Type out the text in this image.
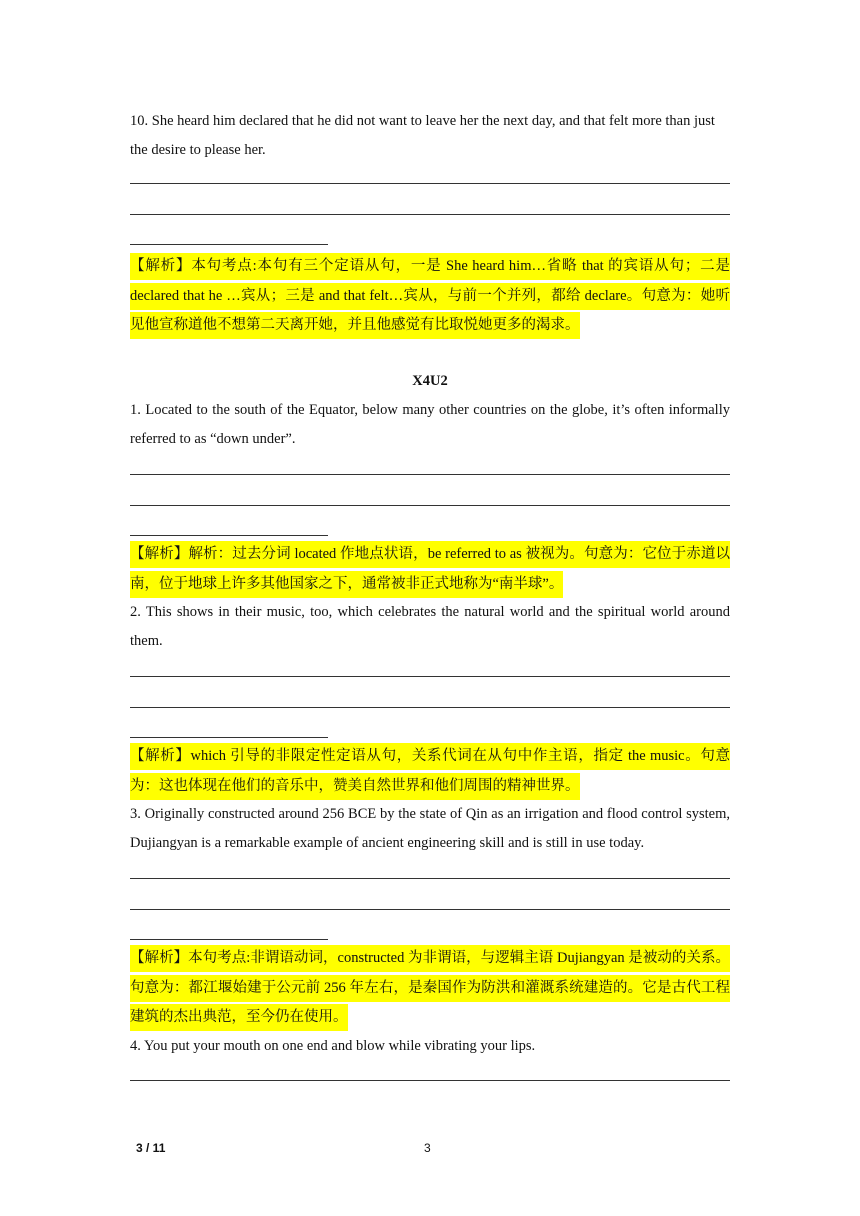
10. She heard him declared that he did not want to leave her the next day, and that felt more than just the desire to please her.

【解析】本句考点:本句有三个定语从句，一是 She heard him…省略 that 的宾语从句；二是 declared that he …宾从；三是 and that felt…宾从，与前一个并列，都给 declare。句意为：她听见他宣称道他不想第二天离开她，并且他感觉有比取悦她更多的渴求。

X4U2

1. Located to the south of the Equator, below many other countries on the globe, it’s often informally referred to as “down under”.

【解析】解析：过去分词 located 作地点状语，be referred to as 被视为。句意为：它位于赤道以南，位于地球上许多其他国家之下，通常被非正式地称为“南半球”。

2. This shows in their music, too, which celebrates the natural world and the spiritual world around them.

【解析】which 引导的非限定性定语从句，关系代词在从句中作主语，指定 the music。句意为：这也体现在他们的音乐中，赞美自然世界和他们周围的精神世界。

3. Originally constructed around 256 BCE by the state of Qin as an irrigation and flood control system, Dujiangyan is a remarkable example of ancient engineering skill and is still in use today.

【解析】本句考点:非谓语动词，constructed 为非谓语，与逻辑主语 Dujiangyan 是被动的关系。句意为：都江堰始建于公元前 256 年左右，是秦国作为防洪和灌溉系统建造的。它是古代工程建筑的杰出典范，至今仍在使用。

4. You put your mouth on one end and blow while vibrating your lips.

3 / 11	3
